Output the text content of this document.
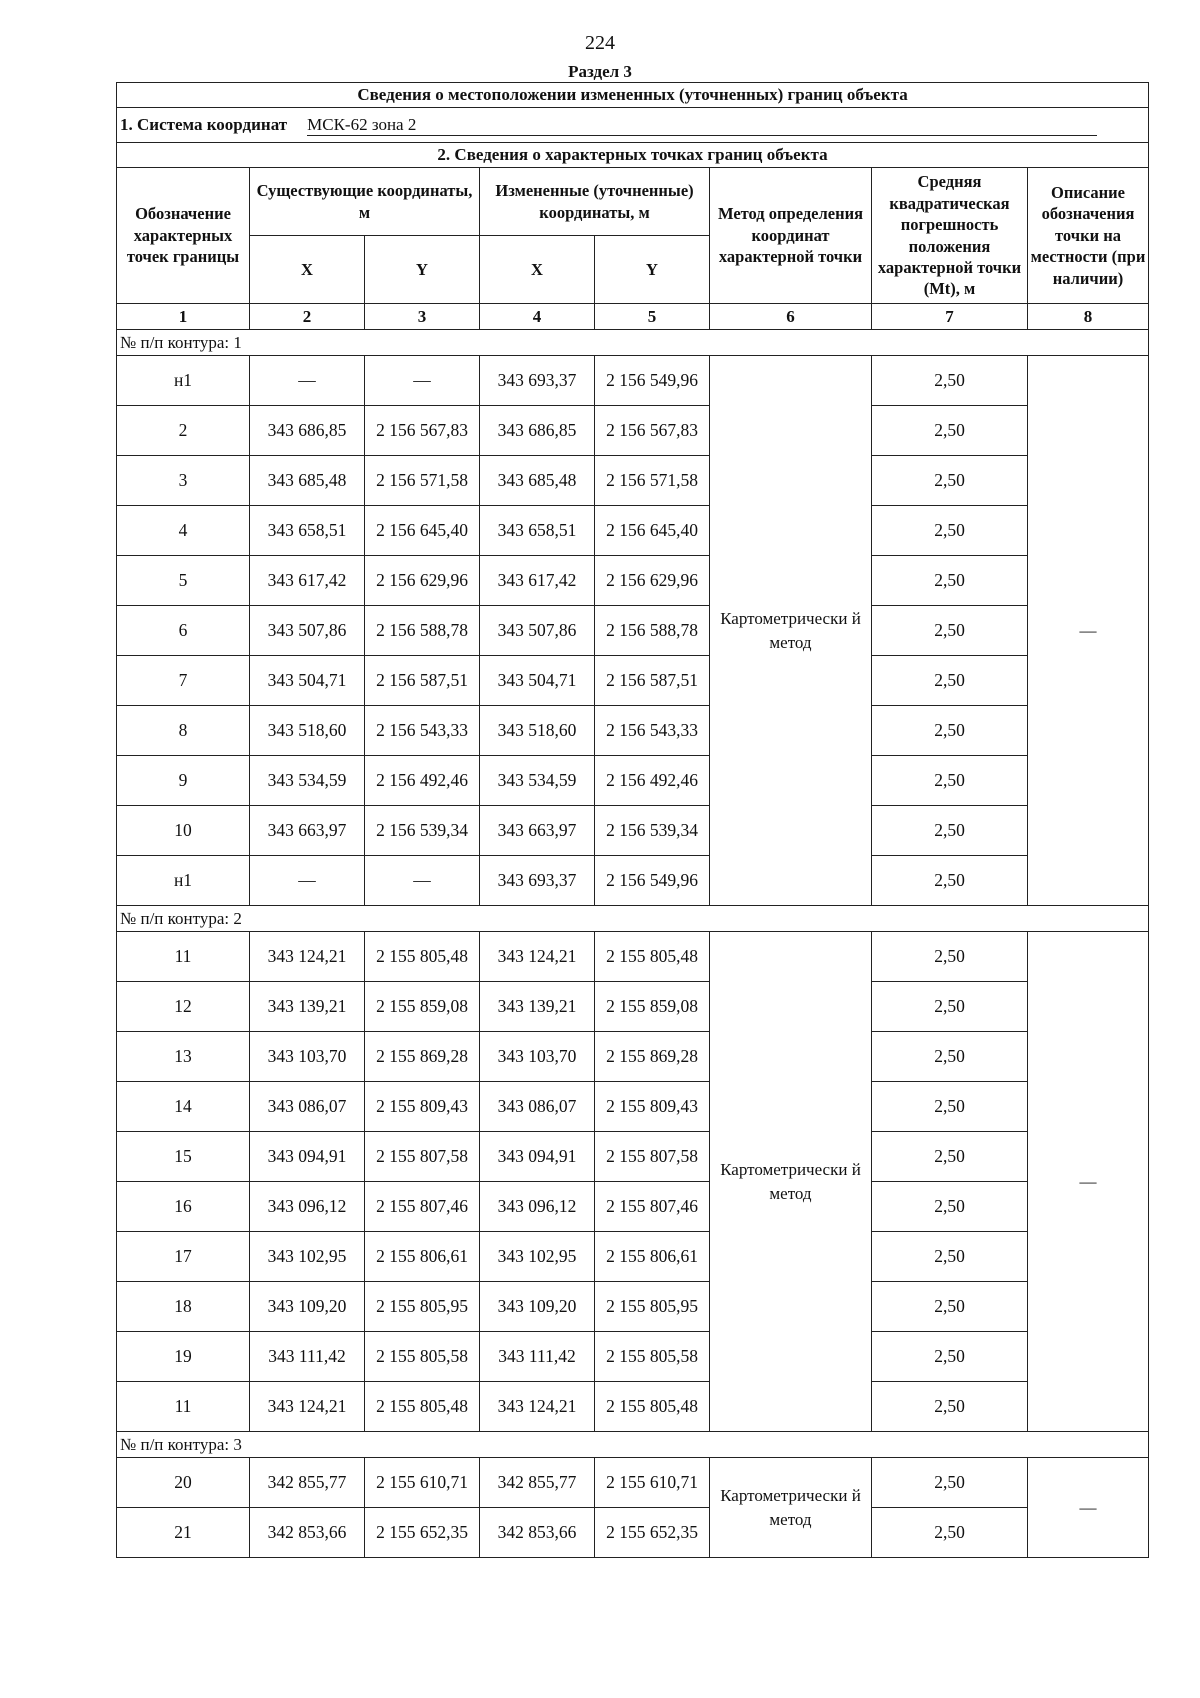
224
Раздел 3
Сведения о местоположении измененных (уточненных) границ объекта							

1. Система координат МСК-62 зона 2							

2. Сведения о характерных точках границ объекта							
Обозначение характерных точек границы	Существующие координаты, м		Измененные (уточненные) координаты, м		Метод определения координат характерной точки	Средняя квадратическая погрешность положения характерной точки (Mt), м	Описание обозначения точки на местности (при наличии)
	X	Y	X	Y			
1	2	3	4	5	6	7	8
№ п/п контура: 1							
н1	—	—	343 693,37	2 156 549,96	Картометрически й метод	2,50	—
2	343 686,85	2 156 567,83	343 686,85	2 156 567,83		2,50	
3	343 685,48	2 156 571,58	343 685,48	2 156 571,58		2,50	
4	343 658,51	2 156 645,40	343 658,51	2 156 645,40		2,50	
5	343 617,42	2 156 629,96	343 617,42	2 156 629,96		2,50	
6	343 507,86	2 156 588,78	343 507,86	2 156 588,78		2,50	
7	343 504,71	2 156 587,51	343 504,71	2 156 587,51		2,50	
8	343 518,60	2 156 543,33	343 518,60	2 156 543,33		2,50	
9	343 534,59	2 156 492,46	343 534,59	2 156 492,46		2,50	
10	343 663,97	2 156 539,34	343 663,97	2 156 539,34		2,50	
н1	—	—	343 693,37	2 156 549,96		2,50	
№ п/п контура: 2							
11	343 124,21	2 155 805,48	343 124,21	2 155 805,48	Картометрически й метод	2,50	—
12	343 139,21	2 155 859,08	343 139,21	2 155 859,08		2,50	
13	343 103,70	2 155 869,28	343 103,70	2 155 869,28		2,50	
14	343 086,07	2 155 809,43	343 086,07	2 155 809,43		2,50	
15	343 094,91	2 155 807,58	343 094,91	2 155 807,58		2,50	
16	343 096,12	2 155 807,46	343 096,12	2 155 807,46		2,50	
17	343 102,95	2 155 806,61	343 102,95	2 155 806,61		2,50	
18	343 109,20	2 155 805,95	343 109,20	2 155 805,95		2,50	
19	343 111,42	2 155 805,58	343 111,42	2 155 805,58		2,50	
11	343 124,21	2 155 805,48	343 124,21	2 155 805,48		2,50	
№ п/п контура: 3							
20	342 855,77	2 155 610,71	342 855,77	2 155 610,71	Картометрически й метод	2,50	—
21	342 853,66	2 155 652,35	342 853,66	2 155 652,35		2,50	
